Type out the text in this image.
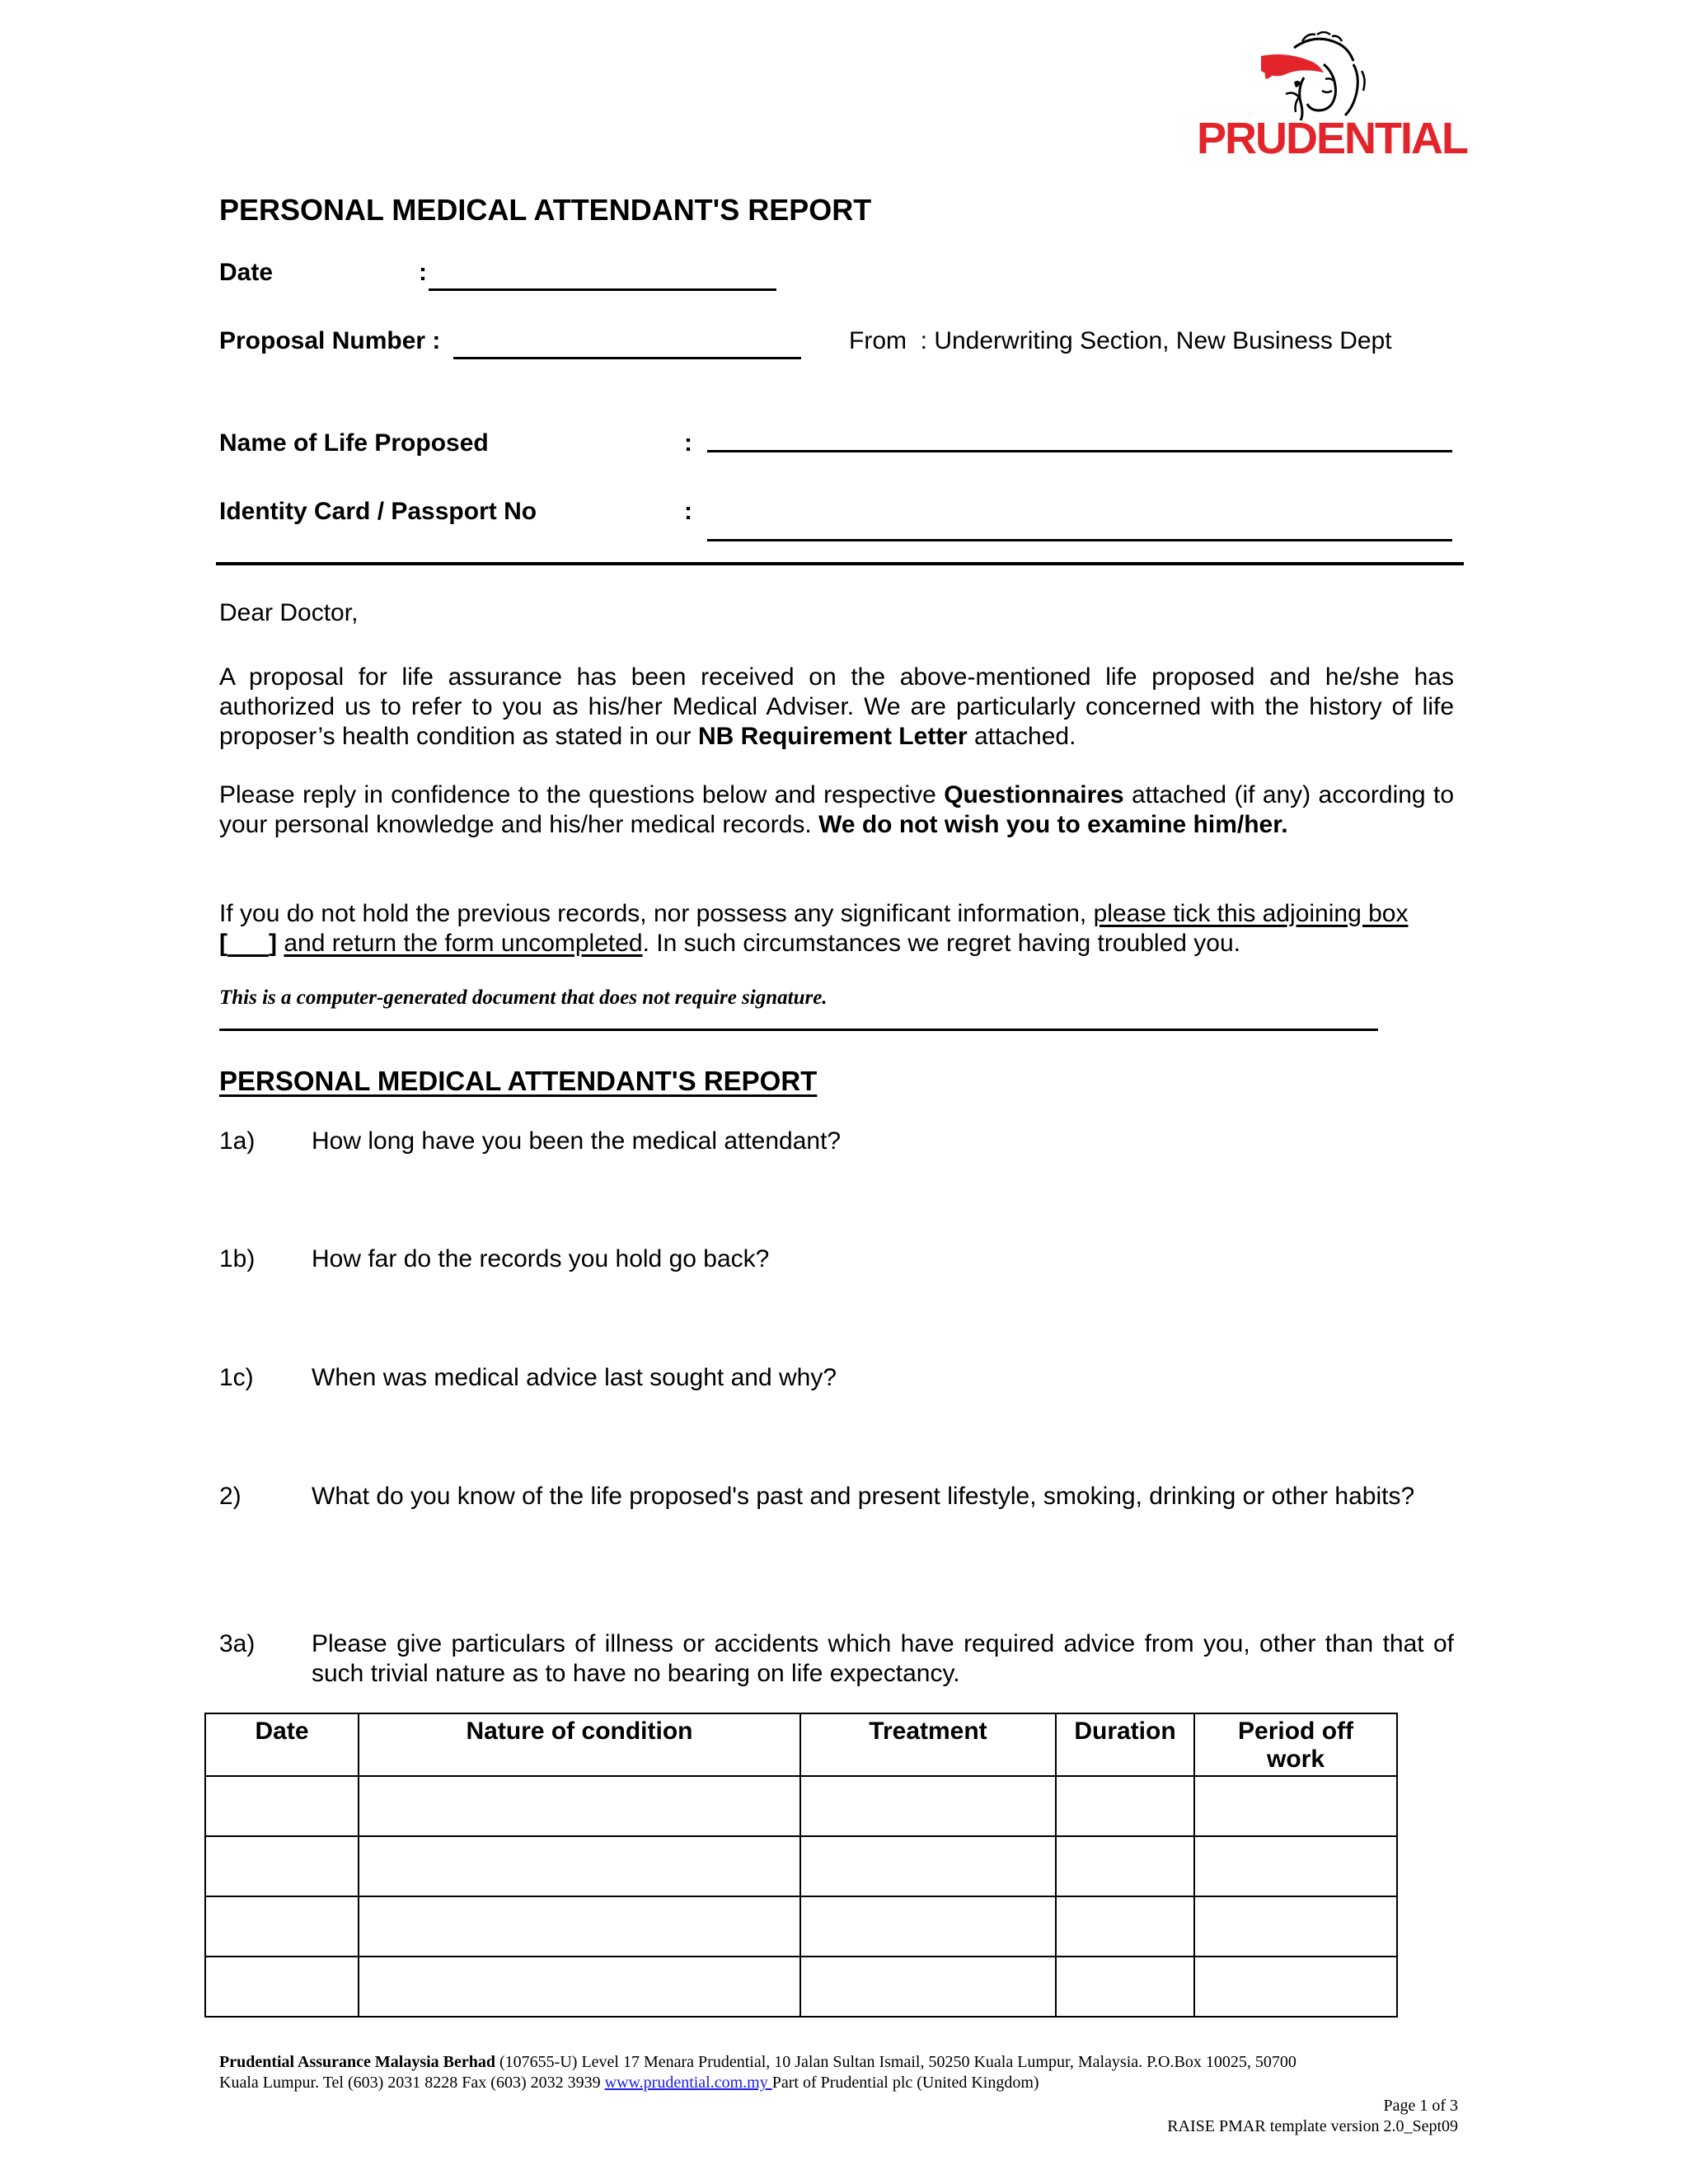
PRUDENTIAL
PERSONAL MEDICAL ATTENDANT'S REPORT
Date	:
Proposal Number :	From  : Underwriting Section, New Business Dept
Name of Life Proposed	:
Identity Card / Passport No	:
Dear Doctor,
A proposal for life assurance has been received on the above-mentioned life proposed and he/she has authorized us to refer to you as his/her Medical Adviser. We are particularly concerned with the history of life proposer’s health condition as stated in our NB Requirement Letter attached.
Please reply in confidence to the questions below and respective Questionnaires attached (if any) according to your personal knowledge and his/her medical records. We do not wish you to examine him/her.
If you do not hold the previous records, nor possess any significant information, please tick this adjoining box [ ] and return the form uncompleted. In such circumstances we regret having troubled you.
This is a computer-generated document that does not require signature.
PERSONAL MEDICAL ATTENDANT'S REPORT
1a) How long have you been the medical attendant?
1b) How far do the records you hold go back?
1c) When was medical advice last sought and why?
2)	What do you know of the life proposed's past and present lifestyle, smoking, drinking or other habits?
3a) Please give particulars of illness or accidents which have required advice from you, other than that of such trivial nature as to have no bearing on life expectancy.
Date	Nature of condition	Treatment	Duration	Period off work

Prudential Assurance Malaysia Berhad (107655-U) Level 17 Menara Prudential, 10 Jalan Sultan Ismail, 50250 Kuala Lumpur, Malaysia. P.O.Box 10025, 50700
Kuala Lumpur. Tel (603) 2031 8228 Fax (603) 2032 3939 www.prudential.com.my Part of Prudential plc (United Kingdom)
Page 1 of 3
RAISE PMAR template version 2.0_Sept09
